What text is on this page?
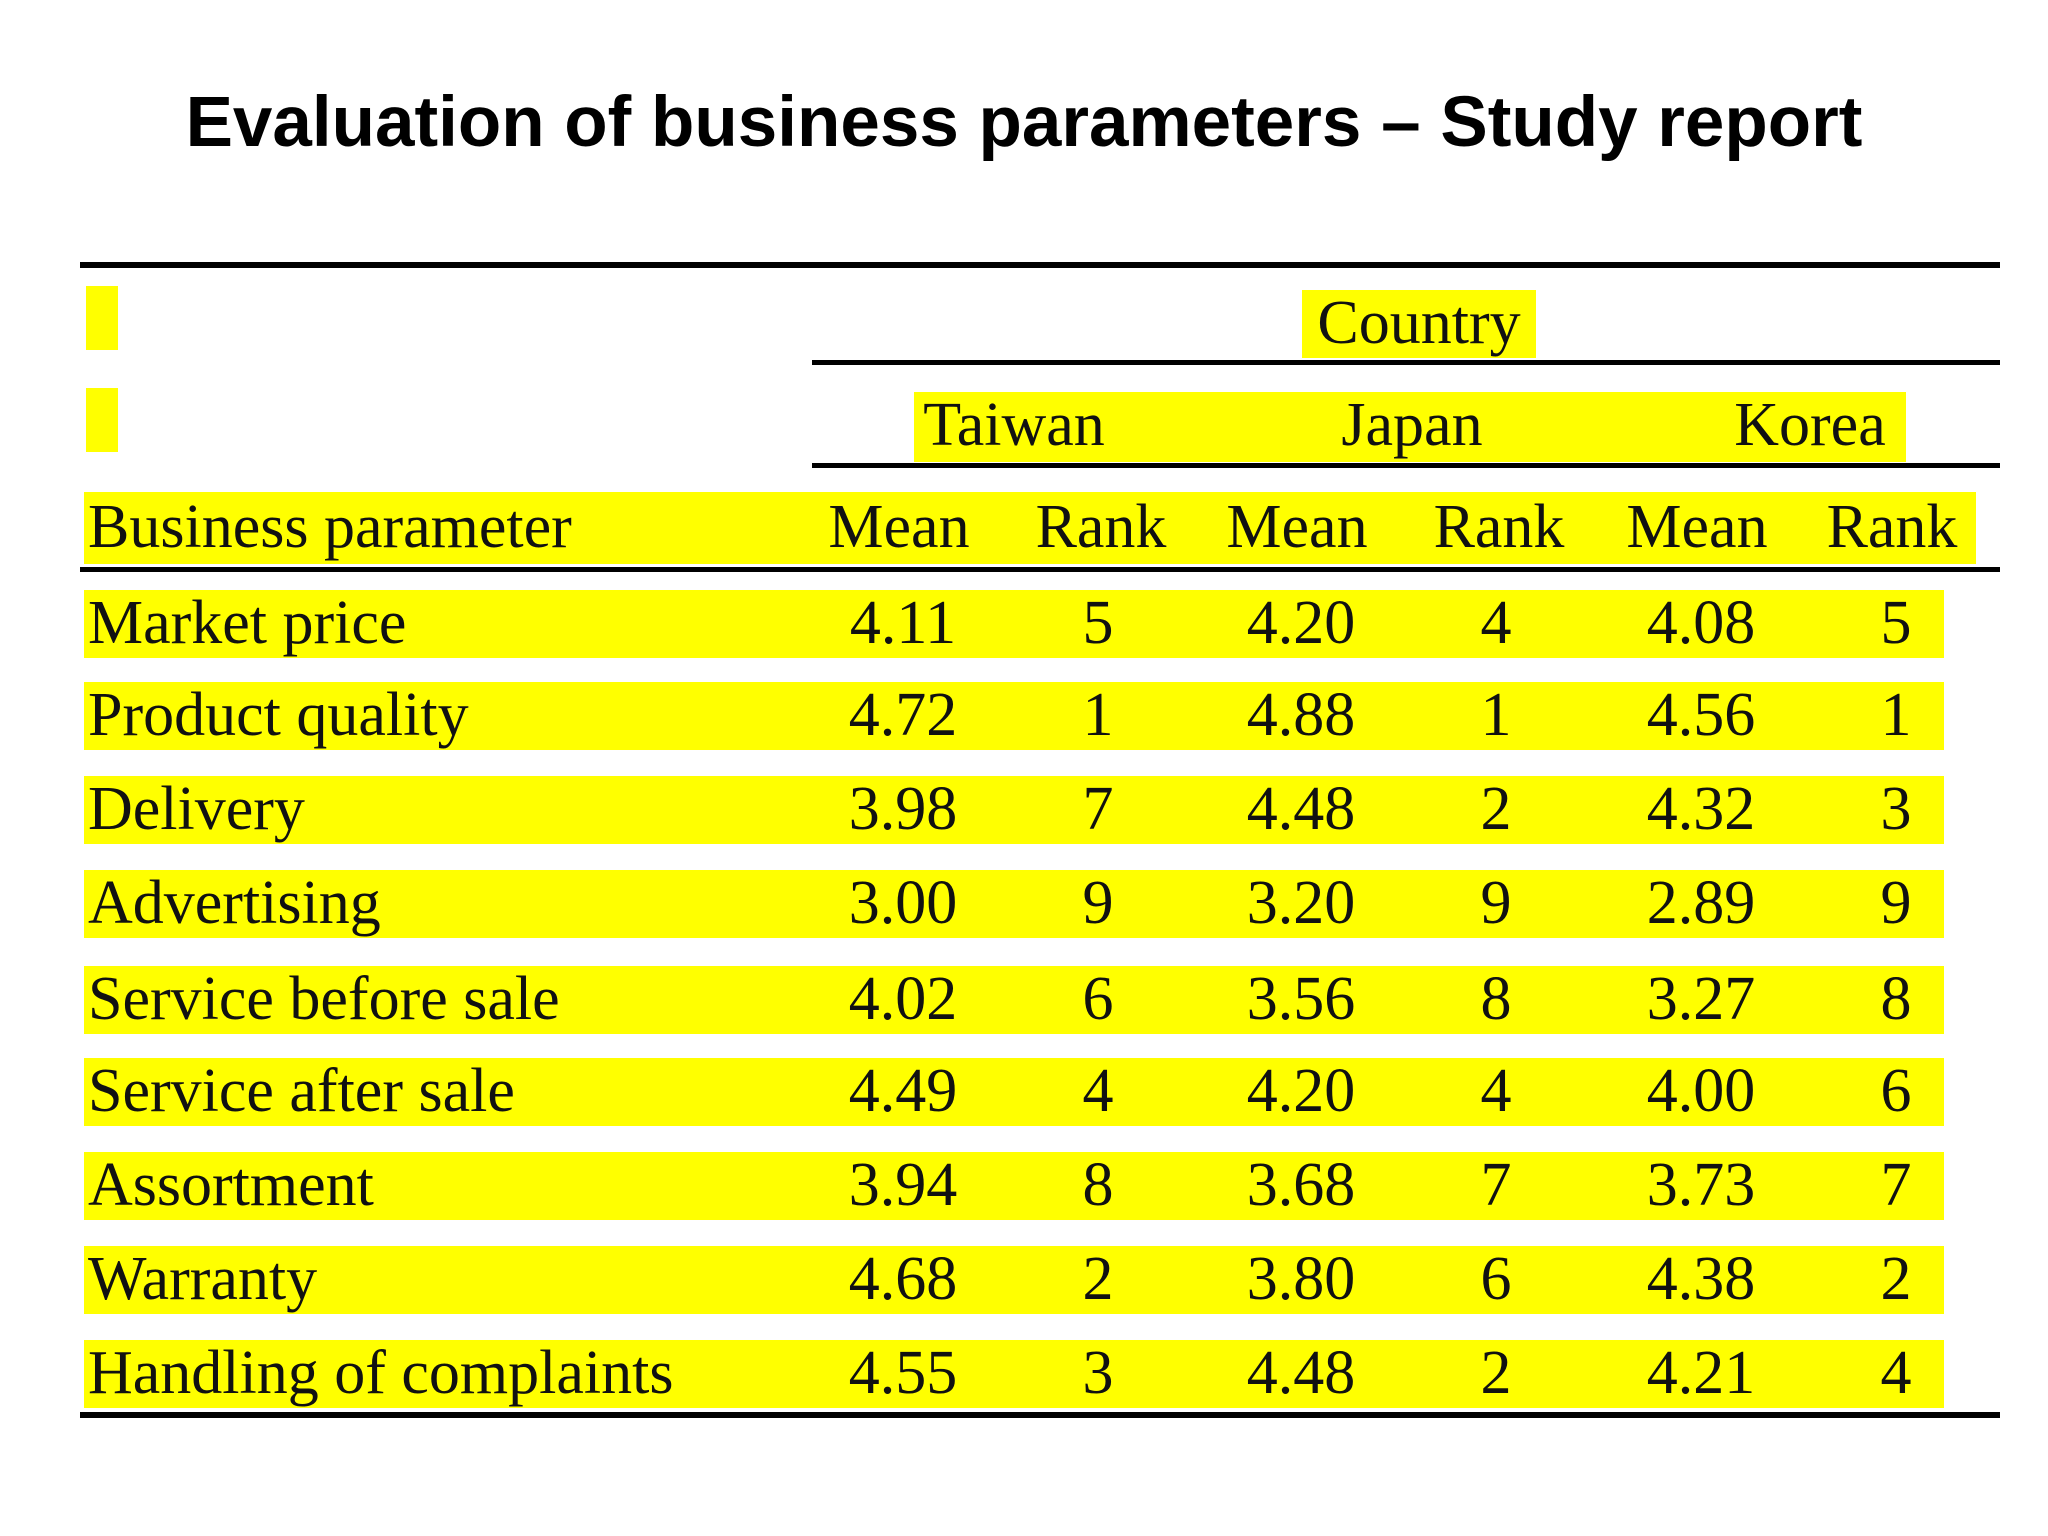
Evaluation of business parameters – Study report
Country
Taiwan	Japan	Korea
Business parameter	Mean	Rank Mean	Rank Mean Rank
Market price	4.11	5	4.20	4	4.08	5
Product quality	4.72	1	4.88	1	4.56	1
Delivery	3.98	7	4.48	2	4.32	3
Advertising	3.00	9	3.20	9	2.89	9
Service before sale	4.02	6	3.56	8	3.27	8
Service after sale	4.49	4	4.20	4	4.00	6
Assortment	3.94	8	3.68	7	3.73	7
Warranty	4.68	2	3.80	6	4.38	2
Handling of complaints	4.55	3	4.48	2	4.21	4
